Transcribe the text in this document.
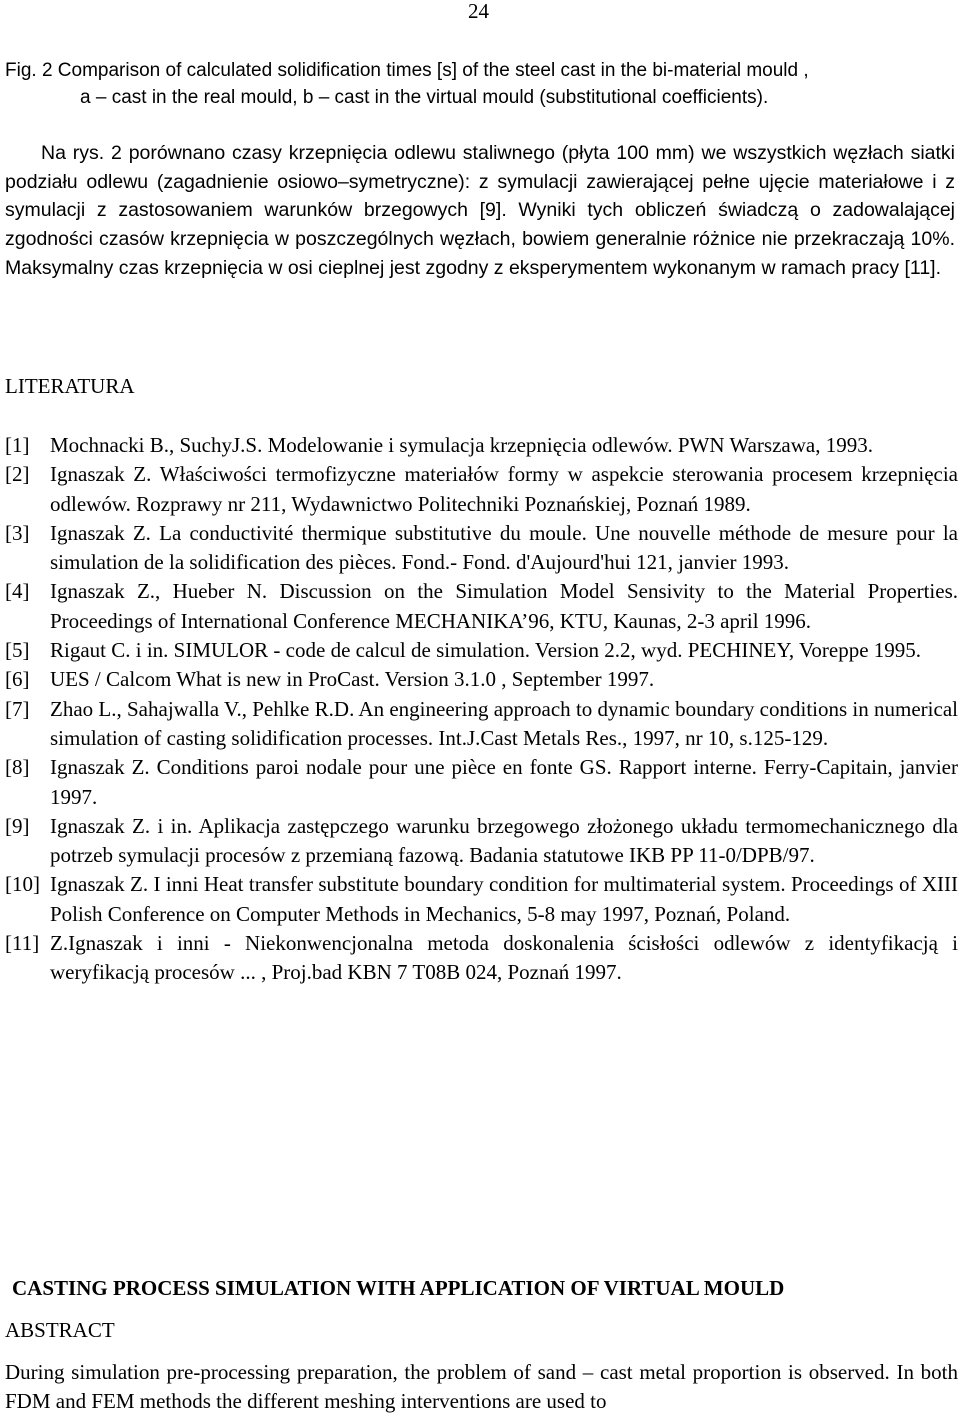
24
Fig. 2 Comparison of calculated solidification times [s] of the steel cast in the bi-material mould ,
a – cast in the real mould, b – cast in the virtual mould (substitutional coefficients).
Na rys. 2 porównano czasy krzepnięcia odlewu staliwnego (płyta 100 mm) we wszystkich węzłach siatki podziału odlewu (zagadnienie osiowo–symetryczne): z symulacji zawierającej pełne ujęcie materiałowe i z symulacji z zastosowaniem warunków brzegowych [9]. Wyniki tych obliczeń świadczą o zadowalającej zgodności czasów krzepnięcia w poszczególnych węzłach, bowiem generalnie różnice nie przekraczają 10%. Maksymalny czas krzepnięcia w osi cieplnej jest zgodny z eksperymentem wykonanym w ramach pracy [11].
LITERATURA
[1] Mochnacki B., SuchyJ.S. Modelowanie i symulacja krzepnięcia odlewów. PWN Warszawa, 1993.
[2] Ignaszak Z. Właściwości termofizyczne materiałów formy w aspekcie sterowania procesem krzepnięcia odlewów. Rozprawy nr 211, Wydawnictwo Politechniki Poznańskiej, Poznań 1989.
[3] Ignaszak Z. La conductivité thermique substitutive du moule. Une nouvelle méthode de mesure pour la simulation de la solidification des pièces. Fond.- Fond. d'Aujourd'hui 121, janvier 1993.
[4] Ignaszak Z., Hueber N. Discussion on the Simulation Model Sensivity to the Material Properties. Proceedings of International Conference MECHANIKA’96, KTU, Kaunas, 2-3 april 1996.
[5] Rigaut C. i in. SIMULOR - code de calcul de simulation. Version 2.2, wyd. PECHINEY, Voreppe 1995.
[6] UES / Calcom What is new in ProCast. Version 3.1.0 , September 1997.
[7] Zhao L., Sahajwalla V., Pehlke R.D. An engineering approach to dynamic boundary conditions in numerical simulation of casting solidification processes. Int.J.Cast Metals Res., 1997, nr 10, s.125-129.
[8] Ignaszak Z. Conditions paroi nodale pour une pièce en fonte GS. Rapport interne. Ferry-Capitain, janvier 1997.
[9] Ignaszak Z. i in. Aplikacja zastępczego warunku brzegowego złożonego układu termomechanicznego dla potrzeb symulacji procesów z przemianą fazową. Badania statutowe IKB PP 11-0/DPB/97.
[10] Ignaszak Z. I inni Heat transfer substitute boundary condition for multimaterial system. Proceedings of XIII Polish Conference on Computer Methods in Mechanics, 5-8 may 1997, Poznań, Poland.
[11] Z.Ignaszak i inni - Niekonwencjonalna metoda doskonalenia ścisłości odlewów z identyfikacją i weryfikacją procesów ... , Proj.bad KBN 7 T08B 024, Poznań 1997.
CASTING PROCESS SIMULATION WITH APPLICATION OF VIRTUAL MOULD
ABSTRACT
During simulation pre-processing preparation, the problem of sand – cast metal proportion is observed. In both FDM and FEM methods the different meshing interventions are used to
